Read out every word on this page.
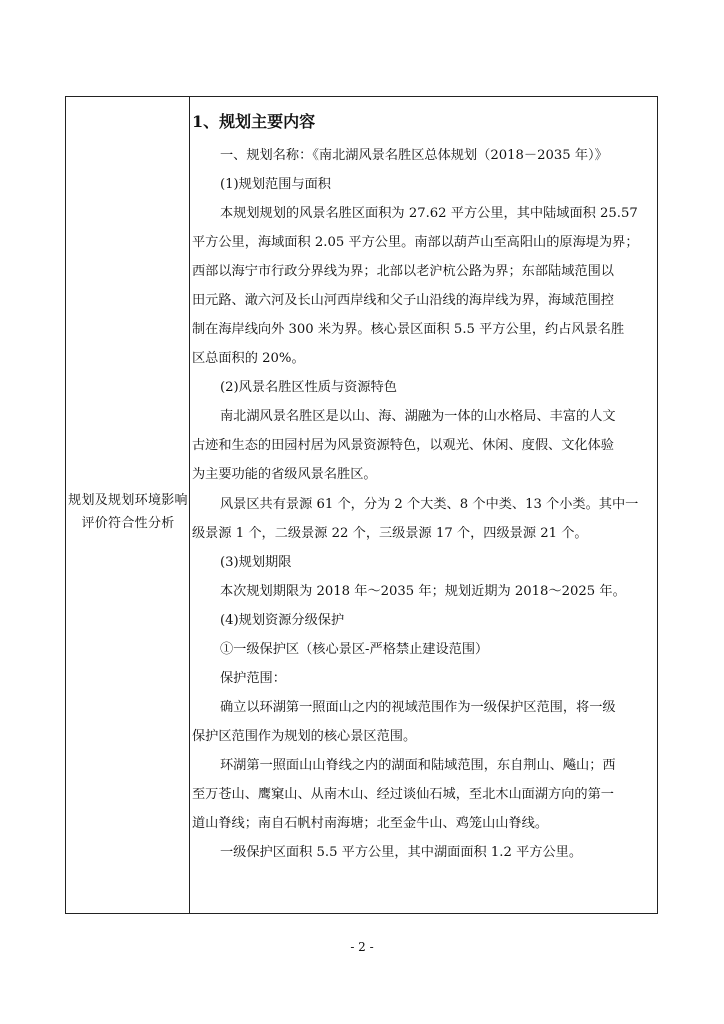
规划及规划环境影响评价符合性分析
1、规划主要内容

一、规划名称：《南北湖风景名胜区总体规划（2018－2035 年）》

(1)规划范围与面积

本规划规划的风景名胜区面积为 27.62 平方公里，其中陆域面积 25.57

平方公里，海域面积 2.05 平方公里。南部以葫芦山至高阳山的原海堤为界；

西部以海宁市行政分界线为界；北部以老沪杭公路为界；东部陆域范围以

田元路、澉六河及长山河西岸线和父子山沿线的海岸线为界，海域范围控

制在海岸线向外 300 米为界。核心景区面积 5.5 平方公里，约占风景名胜

区总面积的 20%。

(2)风景名胜区性质与资源特色

南北湖风景名胜区是以山、海、湖融为一体的山水格局、丰富的人文

古迹和生态的田园村居为风景资源特色，以观光、休闲、度假、文化体验

为主要功能的省级风景名胜区。

风景区共有景源 61 个，分为 2 个大类、8 个中类、13 个小类。其中一

级景源 1 个，二级景源 22 个，三级景源 17 个，四级景源 21 个。

(3)规划期限

本次规划期限为 2018 年～2035 年；规划近期为 2018～2025 年。

(4)规划资源分级保护

①一级保护区（核心景区-严格禁止建设范围）

保护范围：

确立以环湖第一照面山之内的视域范围作为一级保护区范围，将一级

保护区范围作为规划的核心景区范围。

环湖第一照面山山脊线之内的湖面和陆域范围，东自荆山、飚山；西

至万苍山、鹰窠山、从南木山、经过谈仙石城，至北木山面湖方向的第一

道山脊线；南自石帆村南海塘；北至金牛山、鸡笼山山脊线。

一级保护区面积 5.5 平方公里，其中湖面面积 1.2 平方公里。

- 2 -
